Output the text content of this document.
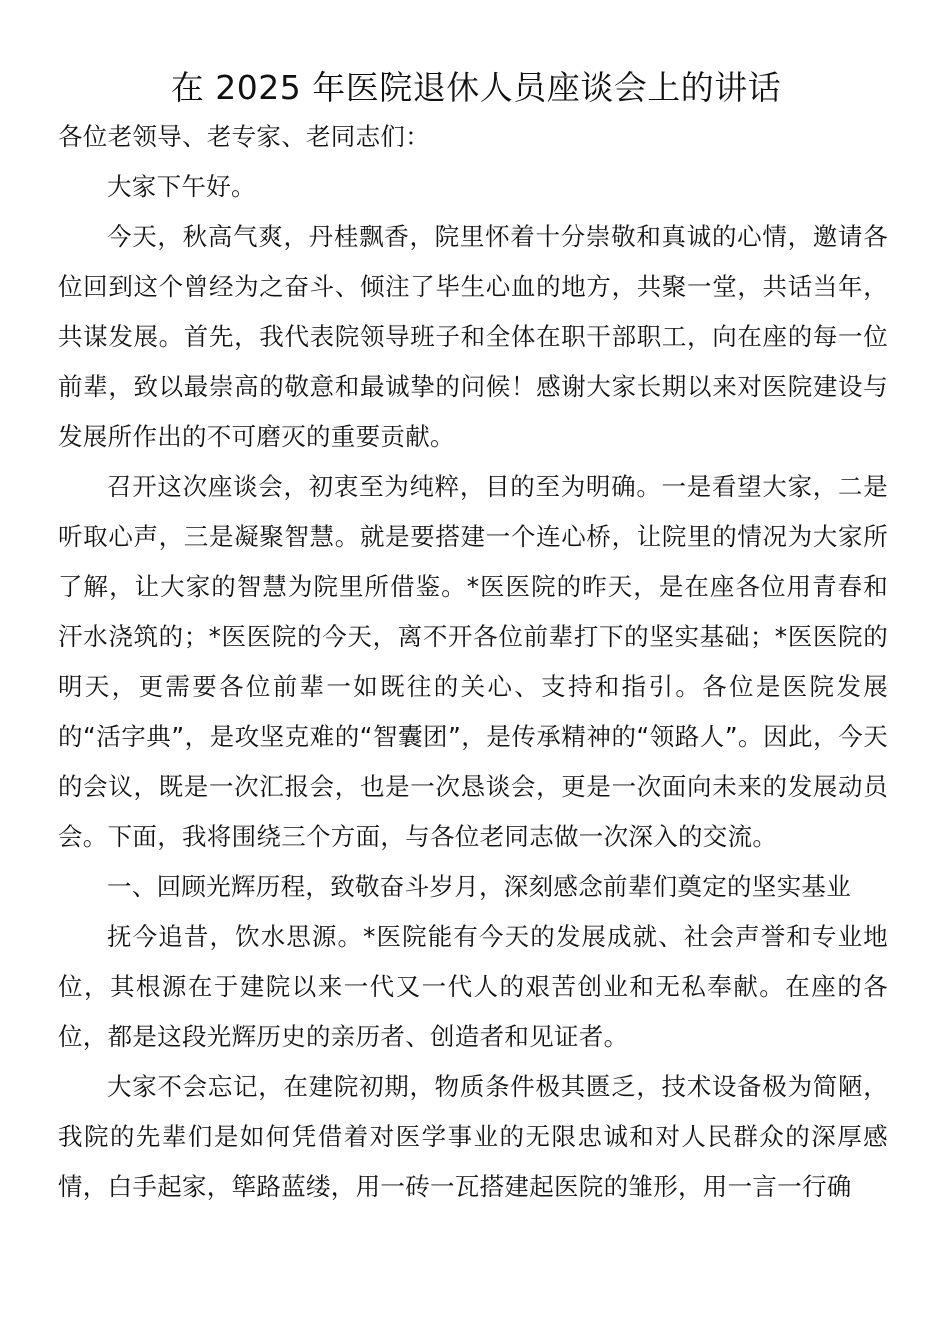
在 2025 年医院退休人员座谈会上的讲话

各位老领导、老专家、老同志们：

大家下午好。

今天，秋高气爽，丹桂飘香，院里怀着十分崇敬和真诚的心情，邀请各位回到这个曾经为之奋斗、倾注了毕生心血的地方，共聚一堂，共话当年，共谋发展。首先，我代表院领导班子和全体在职干部职工，向在座的每一位前辈，致以最崇高的敬意和最诚挚的问候！感谢大家长期以来对医院建设与发展所作出的不可磨灭的重要贡献。

召开这次座谈会，初衷至为纯粹，目的至为明确。一是看望大家，二是听取心声，三是凝聚智慧。就是要搭建一个连心桥，让院里的情况为大家所了解，让大家的智慧为院里所借鉴。*医医院的昨天，是在座各位用青春和汗水浇筑的；*医医院的今天，离不开各位前辈打下的坚实基础；*医医院的明天，更需要各位前辈一如既往的关心、支持和指引。各位是医院发展的“活字典”，是攻坚克难的“智囊团”，是传承精神的“领路人”。因此，今天的会议，既是一次汇报会，也是一次恳谈会，更是一次面向未来的发展动员会。下面，我将围绕三个方面，与各位老同志做一次深入的交流。

一、回顾光辉历程，致敬奋斗岁月，深刻感念前辈们奠定的坚实基业

抚今追昔，饮水思源。*医院能有今天的发展成就、社会声誉和专业地位，其根源在于建院以来一代又一代人的艰苦创业和无私奉献。在座的各位，都是这段光辉历史的亲历者、创造者和见证者。

大家不会忘记，在建院初期，物质条件极其匮乏，技术设备极为简陋，我院的先辈们是如何凭借着对医学事业的无限忠诚和对人民群众的深厚感情，白手起家，筚路蓝缕，用一砖一瓦搭建起医院的雏形，用一言一行确
